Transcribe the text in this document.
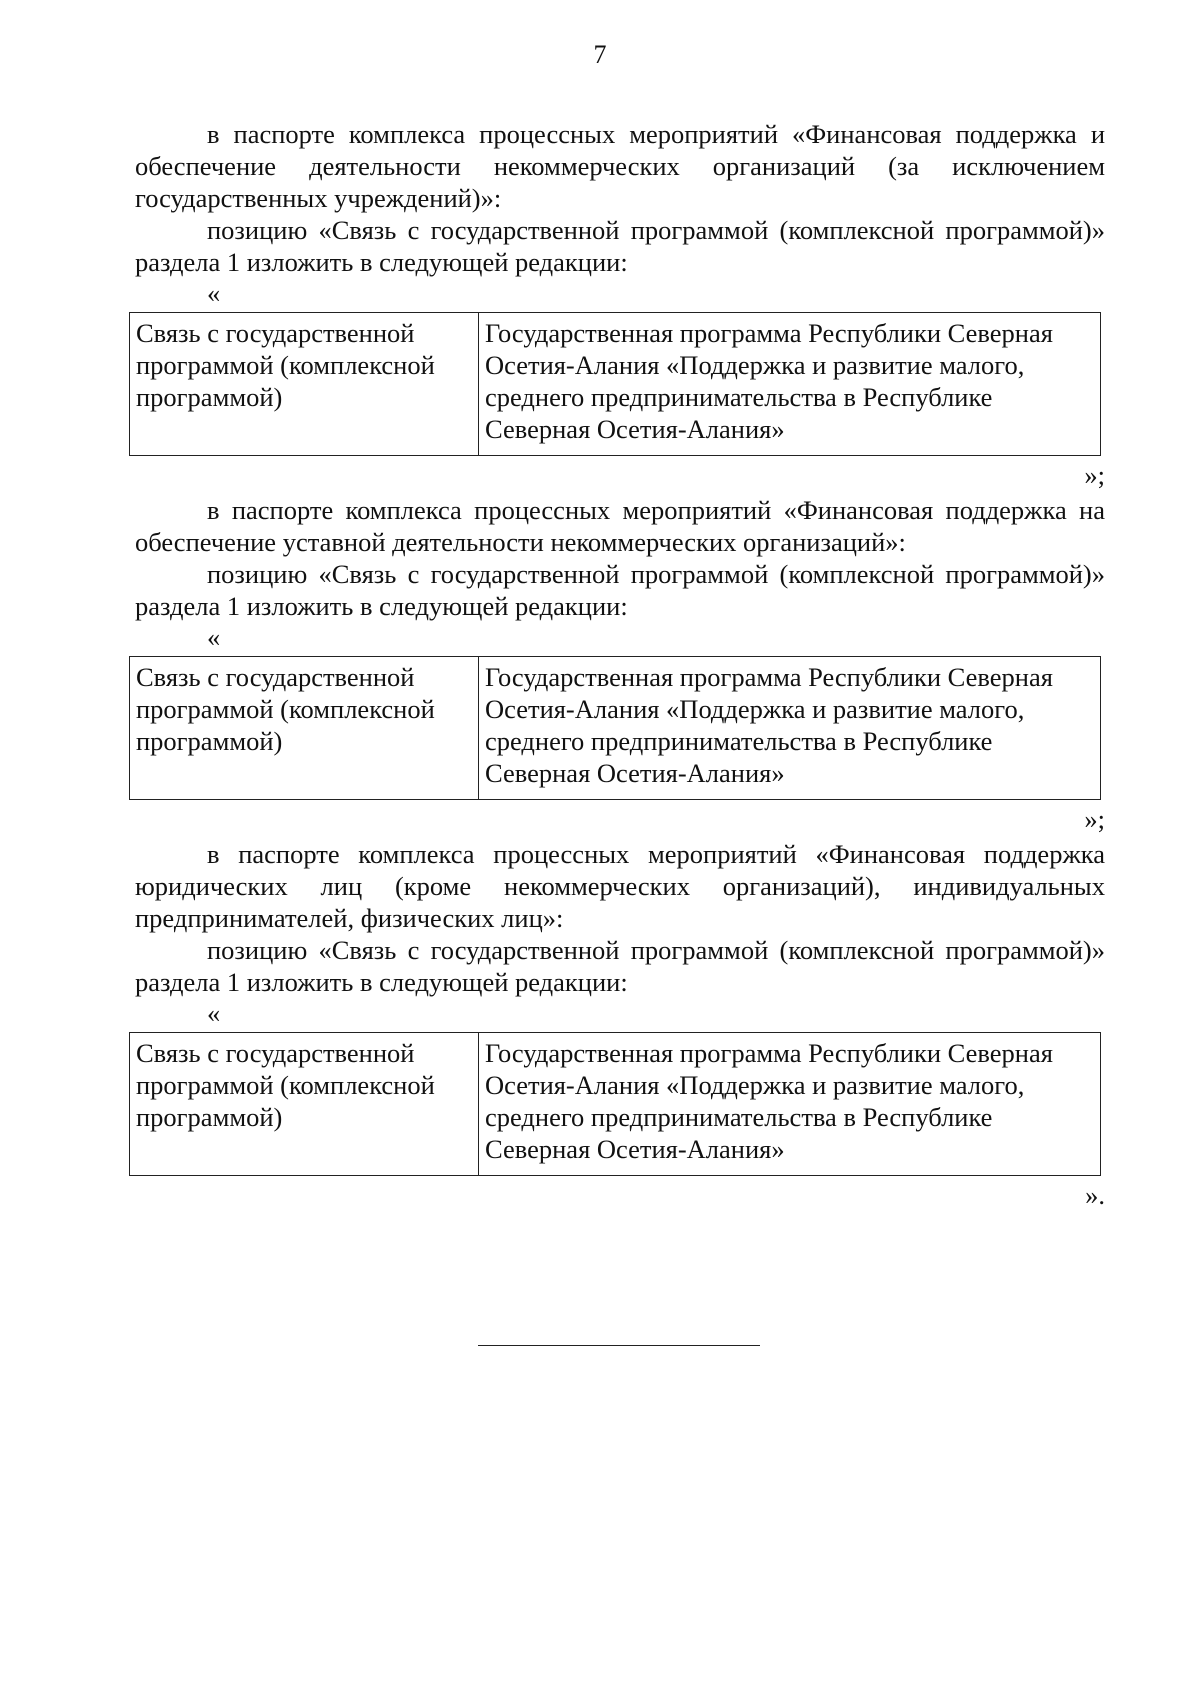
7

в паспорте комплекса процессных мероприятий «Финансовая поддержка и обеспечение деятельности некоммерческих организаций (за исключением государственных учреждений)»:

позицию «Связь с государственной программой (комплексной программой)» раздела 1 изложить в следующей редакции:

«

Связь с государственной программой (комплексной программой)	Государственная программа Республики Северная Осетия-Алания «Поддержка и развитие малого, среднего предпринимательства в Республике Северная Осетия-Алания»

»;

в паспорте комплекса процессных мероприятий «Финансовая поддержка на обеспечение уставной деятельности некоммерческих организаций»:

позицию «Связь с государственной программой (комплексной программой)» раздела 1 изложить в следующей редакции:

«

Связь с государственной программой (комплексной программой)	Государственная программа Республики Северная Осетия-Алания «Поддержка и развитие малого, среднего предпринимательства в Республике Северная Осетия-Алания»

»;

в паспорте комплекса процессных мероприятий «Финансовая поддержка юридических лиц (кроме некоммерческих организаций), индивидуальных предпринимателей, физических лиц»:

позицию «Связь с государственной программой (комплексной программой)» раздела 1 изложить в следующей редакции:

«

Связь с государственной программой (комплексной программой)	Государственная программа Республики Северная Осетия-Алания «Поддержка и развитие малого, среднего предпринимательства в Республике Северная Осетия-Алания»

».
